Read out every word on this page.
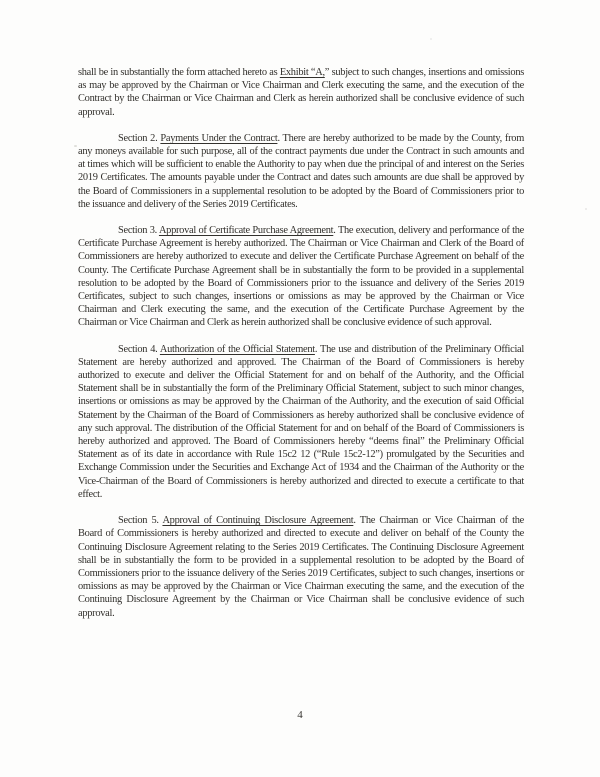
shall be in substantially the form attached hereto as Exhibit “A,” subject to such changes, insertions and omissions as may be approved by the Chairman or Vice Chairman and Clerk executing the same, and the execution of the Contract by the Chairman or Vice Chairman and Clerk as herein authorized shall be conclusive evidence of such approval.

Section 2. Payments Under the Contract. There are hereby authorized to be made by the County, from any moneys available for such purpose, all of the contract payments due under the Contract in such amounts and at times which will be sufficient to enable the Authority to pay when due the principal of and interest on the Series 2019 Certificates. The amounts payable under the Contract and dates such amounts are due shall be approved by the Board of Commissioners in a supplemental resolution to be adopted by the Board of Commissioners prior to the issuance and delivery of the Series 2019 Certificates.

Section 3. Approval of Certificate Purchase Agreement. The execution, delivery and performance of the Certificate Purchase Agreement is hereby authorized. The Chairman or Vice Chairman and Clerk of the Board of Commissioners are hereby authorized to execute and deliver the Certificate Purchase Agreement on behalf of the County. The Certificate Purchase Agreement shall be in substantially the form to be provided in a supplemental resolution to be adopted by the Board of Commissioners prior to the issuance and delivery of the Series 2019 Certificates, subject to such changes, insertions or omissions as may be approved by the Chairman or Vice Chairman and Clerk executing the same, and the execution of the Certificate Purchase Agreement by the Chairman or Vice Chairman and Clerk as herein authorized shall be conclusive evidence of such approval.

Section 4. Authorization of the Official Statement. The use and distribution of the Preliminary Official Statement are hereby authorized and approved. The Chairman of the Board of Commissioners is hereby authorized to execute and deliver the Official Statement for and on behalf of the Authority, and the Official Statement shall be in substantially the form of the Preliminary Official Statement, subject to such minor changes, insertions or omissions as may be approved by the Chairman of the Authority, and the execution of said Official Statement by the Chairman of the Board of Commissioners as hereby authorized shall be conclusive evidence of any such approval. The distribution of the Official Statement for and on behalf of the Board of Commissioners is hereby authorized and approved. The Board of Commissioners hereby “deems final” the Preliminary Official Statement as of its date in accordance with Rule 15c2 12 (“Rule 15c2-12”) promulgated by the Securities and Exchange Commission under the Securities and Exchange Act of 1934 and the Chairman of the Authority or the Vice-Chairman of the Board of Commissioners is hereby authorized and directed to execute a certificate to that effect.

Section 5. Approval of Continuing Disclosure Agreement. The Chairman or Vice Chairman of the Board of Commissioners is hereby authorized and directed to execute and deliver on behalf of the County the Continuing Disclosure Agreement relating to the Series 2019 Certificates. The Continuing Disclosure Agreement shall be in substantially the form to be provided in a supplemental resolution to be adopted by the Board of Commissioners prior to the issuance delivery of the Series 2019 Certificates, subject to such changes, insertions or omissions as may be approved by the Chairman or Vice Chairman executing the same, and the execution of the Continuing Disclosure Agreement by the Chairman or Vice Chairman shall be conclusive evidence of such approval.

4
